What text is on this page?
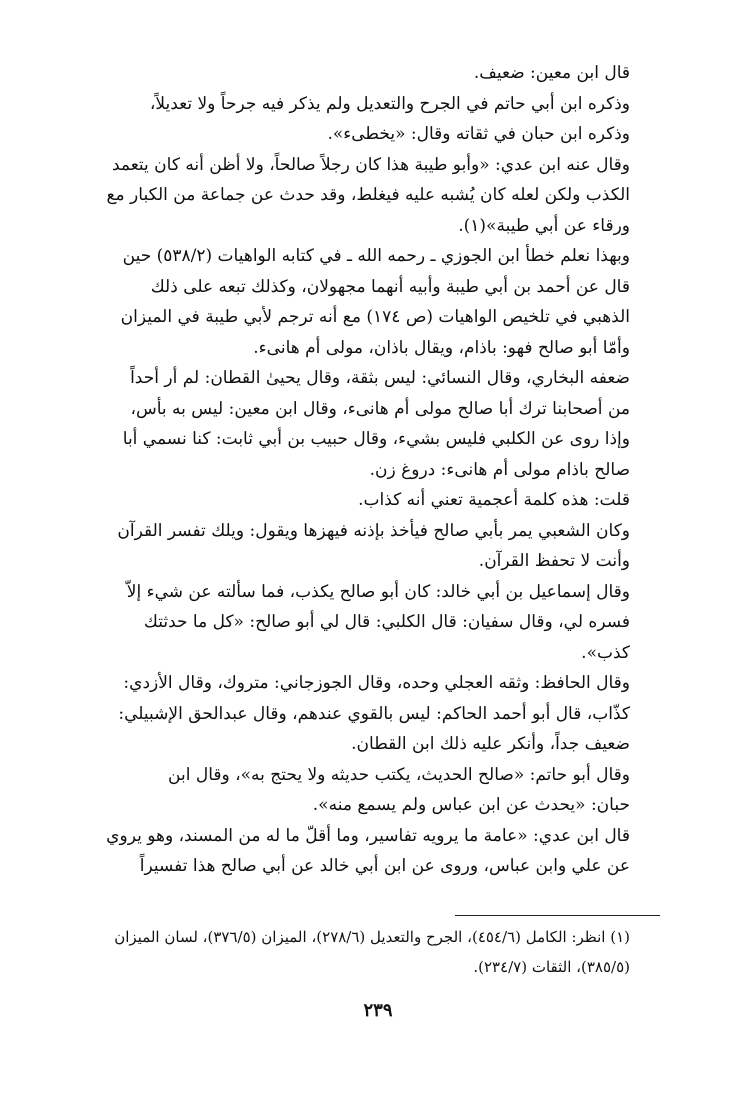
قال ابن معين: ضعيف.
وذكره ابن أبي حاتم في الجرح والتعديل ولم يذكر فيه جرحاً ولا تعديلاً،
وذكره ابن حبان في ثقاته وقال: «يخطىء».
وقال عنه ابن عدي: «وأبو طيبة هذا كان رجلاً صالحاً، ولا أظن أنه كان يتعمد
الكذب ولكن لعله كان يُشبه عليه فيغلط، وقد حدث عن جماعة من الكبار مع
ورقاء عن أبي طيبة»(١).
وبهذا نعلم خطأ ابن الجوزي ـ رحمه الله ـ في كتابه الواهيات (٥٣٨/٢) حين
قال عن أحمد بن أبي طيبة وأبيه أنهما مجهولان، وكذلك تبعه على ذلك
الذهبي في تلخيص الواهيات (ص ١٧٤) مع أنه ترجم لأبي طيبة في الميزان
وأمّا أبو صالح فهو: باذام، ويقال باذان، مولى أم هانىء.
ضعفه البخاري، وقال النسائي: ليس بثقة، وقال يحيىٰ القطان: لم أر أحداً
من أصحابنا ترك أبا صالح مولى أم هانىء، وقال ابن معين: ليس به بأس،
وإذا روى عن الكلبي فليس بشيء، وقال حبيب بن أبي ثابت: كنا نسمي أبا
صالح باذام مولى أم هانىء: دروغ زن.
قلت: هذه كلمة أعجمية تعني أنه كذاب.
وكان الشعبي يمر بأبي صالح فيأخذ بإذنه فيهزها ويقول: ويلك تفسر القرآن
وأنت لا تحفظ القرآن.
وقال إسماعيل بن أبي خالد: كان أبو صالح يكذب، فما سألته عن شيء إلاّ
فسره لي، وقال سفيان: قال الكلبي: قال لي أبو صالح: «كل ما حدثتك
كذب».
وقال الحافظ: وثقه العجلي وحده، وقال الجوزجاني: متروك، وقال الأزدي:
كذّاب، قال أبو أحمد الحاكم: ليس بالقوي عندهم، وقال عبدالحق الإشبيلي:
ضعيف جداً، وأنكر عليه ذلك ابن القطان.
وقال أبو حاتم: «صالح الحديث، يكتب حديثه ولا يحتج به»، وقال ابن
حبان: «يحدث عن ابن عباس ولم يسمع منه».
قال ابن عدي: «عامة ما يرويه تفاسير، وما أقلّ ما له من المسند، وهو يروي
عن علي وابن عباس، وروى عن ابن أبي خالد عن أبي صالح هذا تفسيراً
(١) انظر: الكامل (٤٥٤/٦)، الجرح والتعديل (٢٧٨/٦)، الميزان (٣٧٦/٥)، لسان الميزان
(٣٨٥/٥)، الثقات (٢٣٤/٧).
٢٣٩
